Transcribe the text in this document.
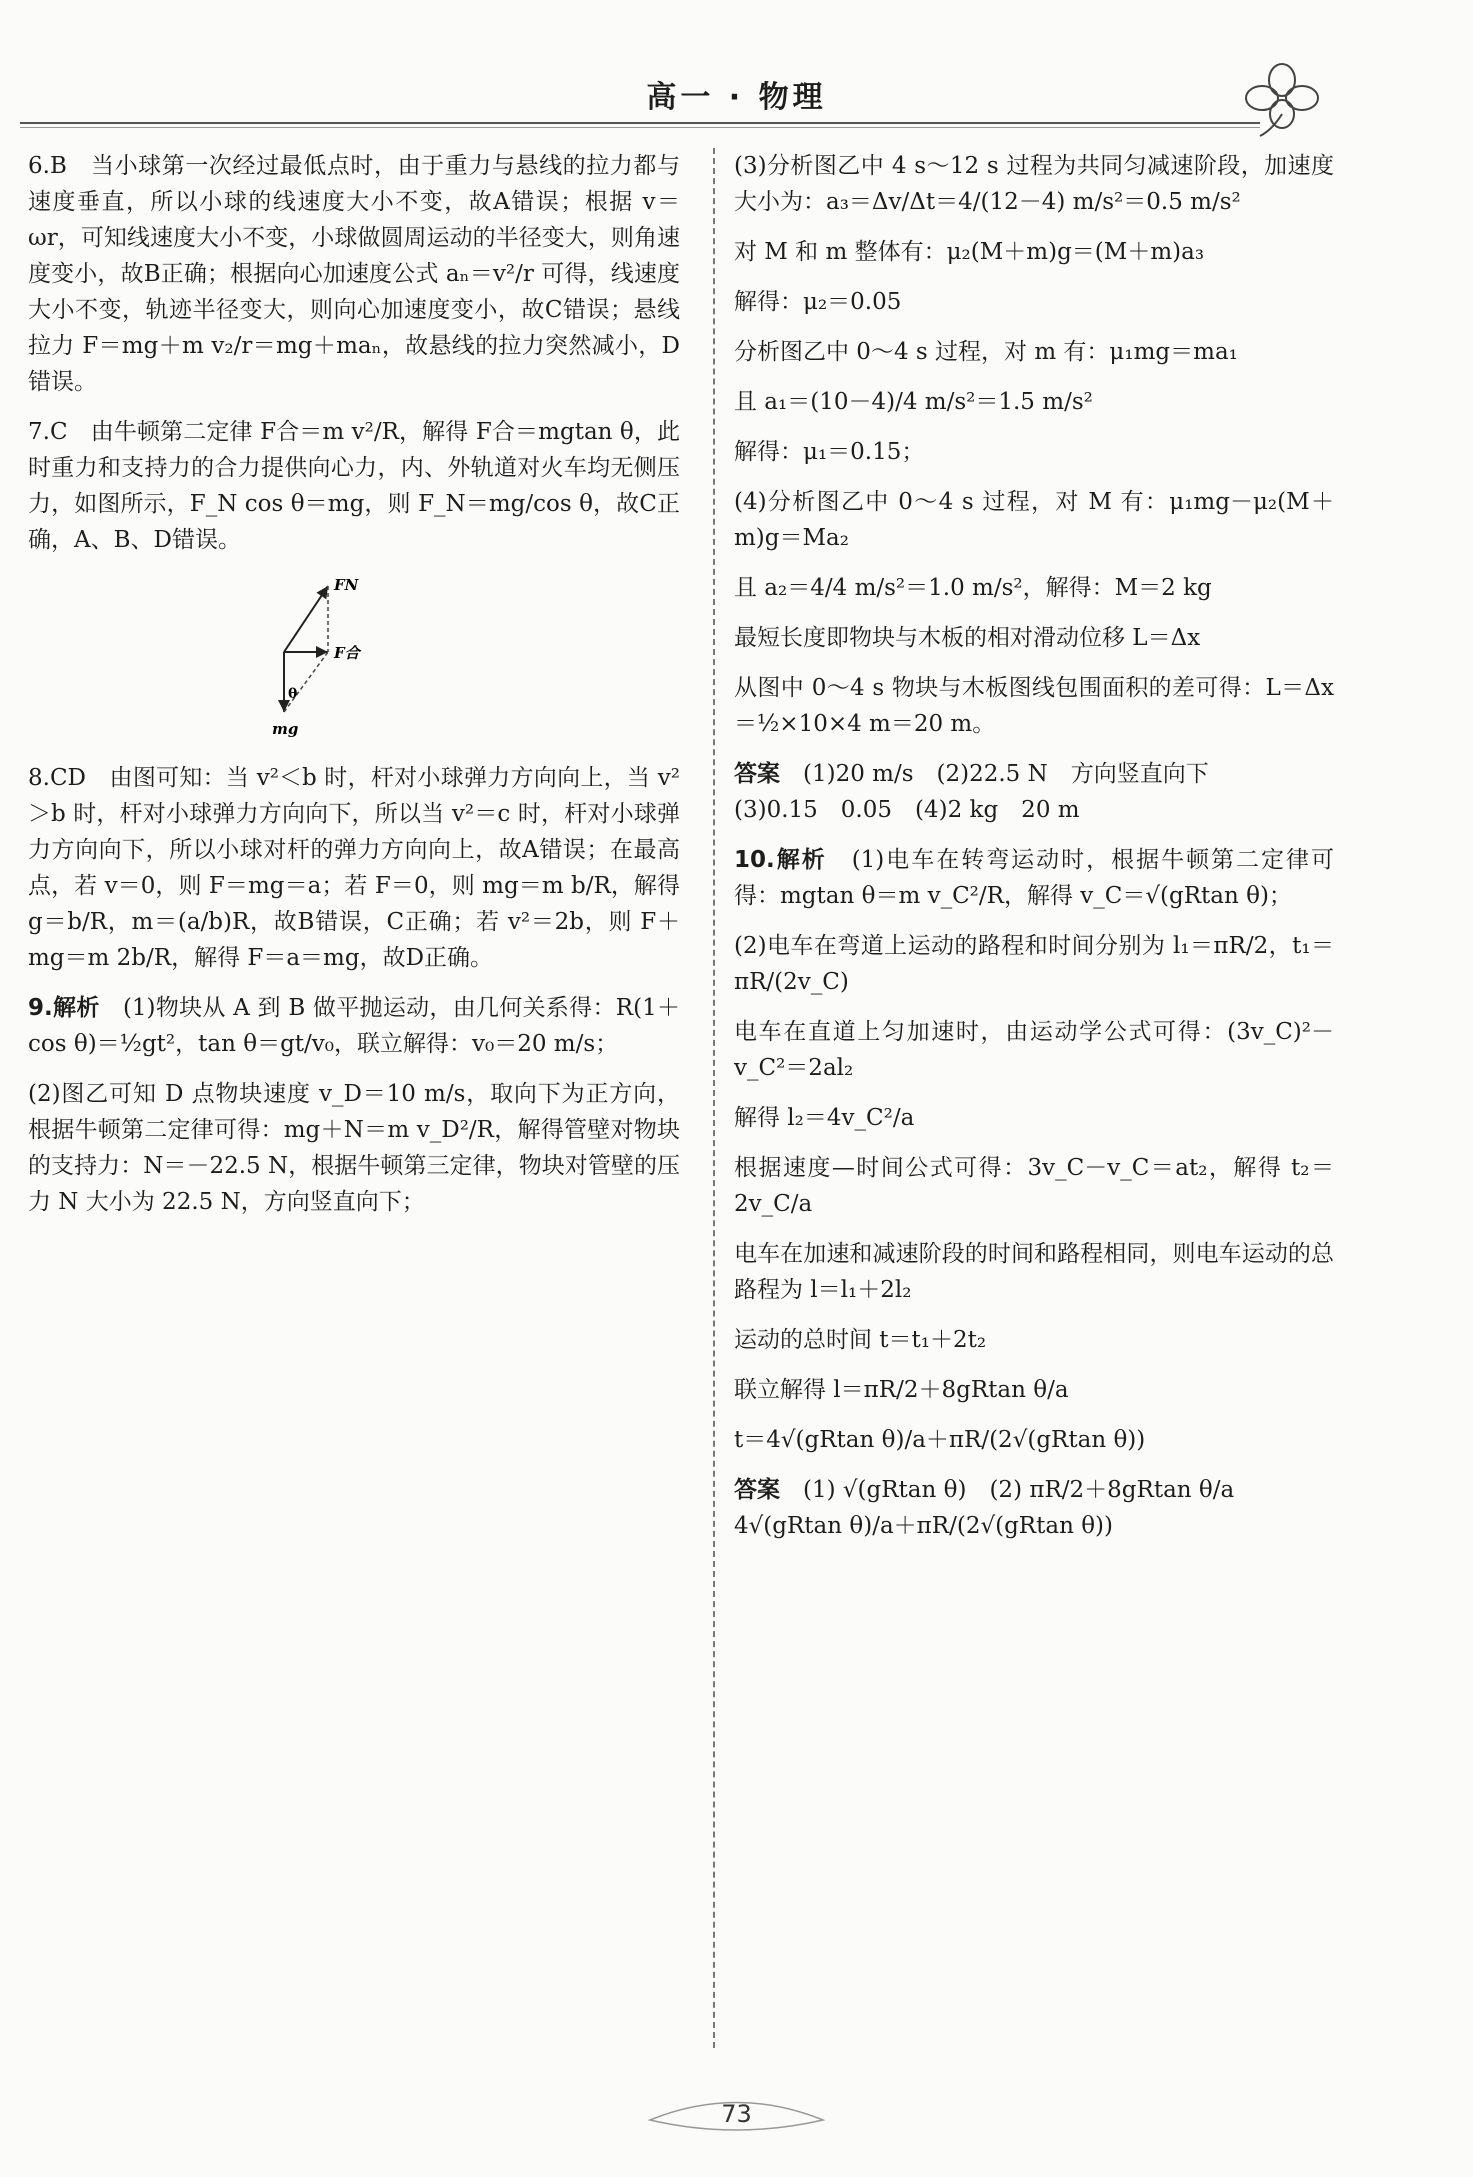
高一 · 物理

6.B　当小球第一次经过最低点时，由于重力与悬线的拉力都与速度垂直，所以小球的线速度大小不变，故A错误；根据 v＝ωr，可知线速度大小不变，小球做圆周运动的半径变大，则角速度变小，故B正确；根据向心加速度公式 aₙ＝v²/r 可得，线速度大小不变，轨迹半径变大，则向心加速度变小，故C错误；悬线拉力 F＝mg＋m v₂/r＝mg＋maₙ，故悬线的拉力突然减小，D错误。

7.C　由牛顿第二定律 F合＝m v²/R，解得 F合＝mgtan θ，此时重力和支持力的合力提供向心力，内、外轨道对火车均无侧压力，如图所示，F_N cos θ＝mg，则 F_N＝mg/cos θ，故C正确，A、B、D错误。

FN
F合
θ
mg

8.CD　由图可知：当 v²＜b 时，杆对小球弹力方向向上，当 v²＞b 时，杆对小球弹力方向向下，所以当 v²＝c 时，杆对小球弹力方向向下，所以小球对杆的弹力方向向上，故A错误；在最高点，若 v＝0，则 F＝mg＝a；若 F＝0，则 mg＝m b/R，解得 g＝b/R，m＝(a/b)R，故B错误，C正确；若 v²＝2b，则 F＋mg＝m 2b/R，解得 F＝a＝mg，故D正确。

9.解析　 (1)物块从 A 到 B 做平抛运动，由几何关系得：R(1＋cos θ)＝½gt²，tan θ＝gt/v₀，联立解得：v₀＝20 m/s；

(2)图乙可知 D 点物块速度 v_D＝10 m/s，取向下为正方向，根据牛顿第二定律可得：mg＋N＝m v_D²/R，解得管壁对物块的支持力：N＝－22.5 N，根据牛顿第三定律，物块对管壁的压力 N 大小为 22.5 N，方向竖直向下；

(3)分析图乙中 4 s～12 s 过程为共同匀减速阶段，加速度大小为：a₃＝Δv/Δt＝4/(12－4) m/s²＝0.5 m/s²

对 M 和 m 整体有：μ₂(M＋m)g＝(M＋m)a₃

解得：μ₂＝0.05

分析图乙中 0～4 s 过程，对 m 有：μ₁mg＝ma₁

且 a₁＝(10－4)/4 m/s²＝1.5 m/s²

解得：μ₁＝0.15；

(4)分析图乙中 0～4 s 过程，对 M 有：μ₁mg－μ₂(M＋m)g＝Ma₂

且 a₂＝4/4 m/s²＝1.0 m/s²，解得：M＝2 kg

最短长度即物块与木板的相对滑动位移 L＝Δx

从图中 0～4 s 物块与木板图线包围面积的差可得：L＝Δx＝½×10×4 m＝20 m。

答案　 (1)20 m/s　(2)22.5 N　方向竖直向下
(3)0.15　0.05　(4)2 kg　20 m

10.解析　 (1)电车在转弯运动时，根据牛顿第二定律可得：mgtan θ＝m v_C²/R，解得 v_C＝√(gRtan θ)；

(2)电车在弯道上运动的路程和时间分别为 l₁＝πR/2，t₁＝πR/(2v_C)

电车在直道上匀加速时，由运动学公式可得：(3v_C)²－v_C²＝2al₂

解得 l₂＝4v_C²/a

根据速度—时间公式可得：3v_C－v_C＝at₂，解得 t₂＝2v_C/a

电车在加速和减速阶段的时间和路程相同，则电车运动的总路程为 l＝l₁＋2l₂

运动的总时间 t＝t₁＋2t₂

联立解得 l＝πR/2＋8gRtan θ/a

t＝4√(gRtan θ)/a＋πR/(2√(gRtan θ))

答案　 (1) √(gRtan θ)　(2) πR/2＋8gRtan θ/a
4√(gRtan θ)/a＋πR/(2√(gRtan θ))

73
